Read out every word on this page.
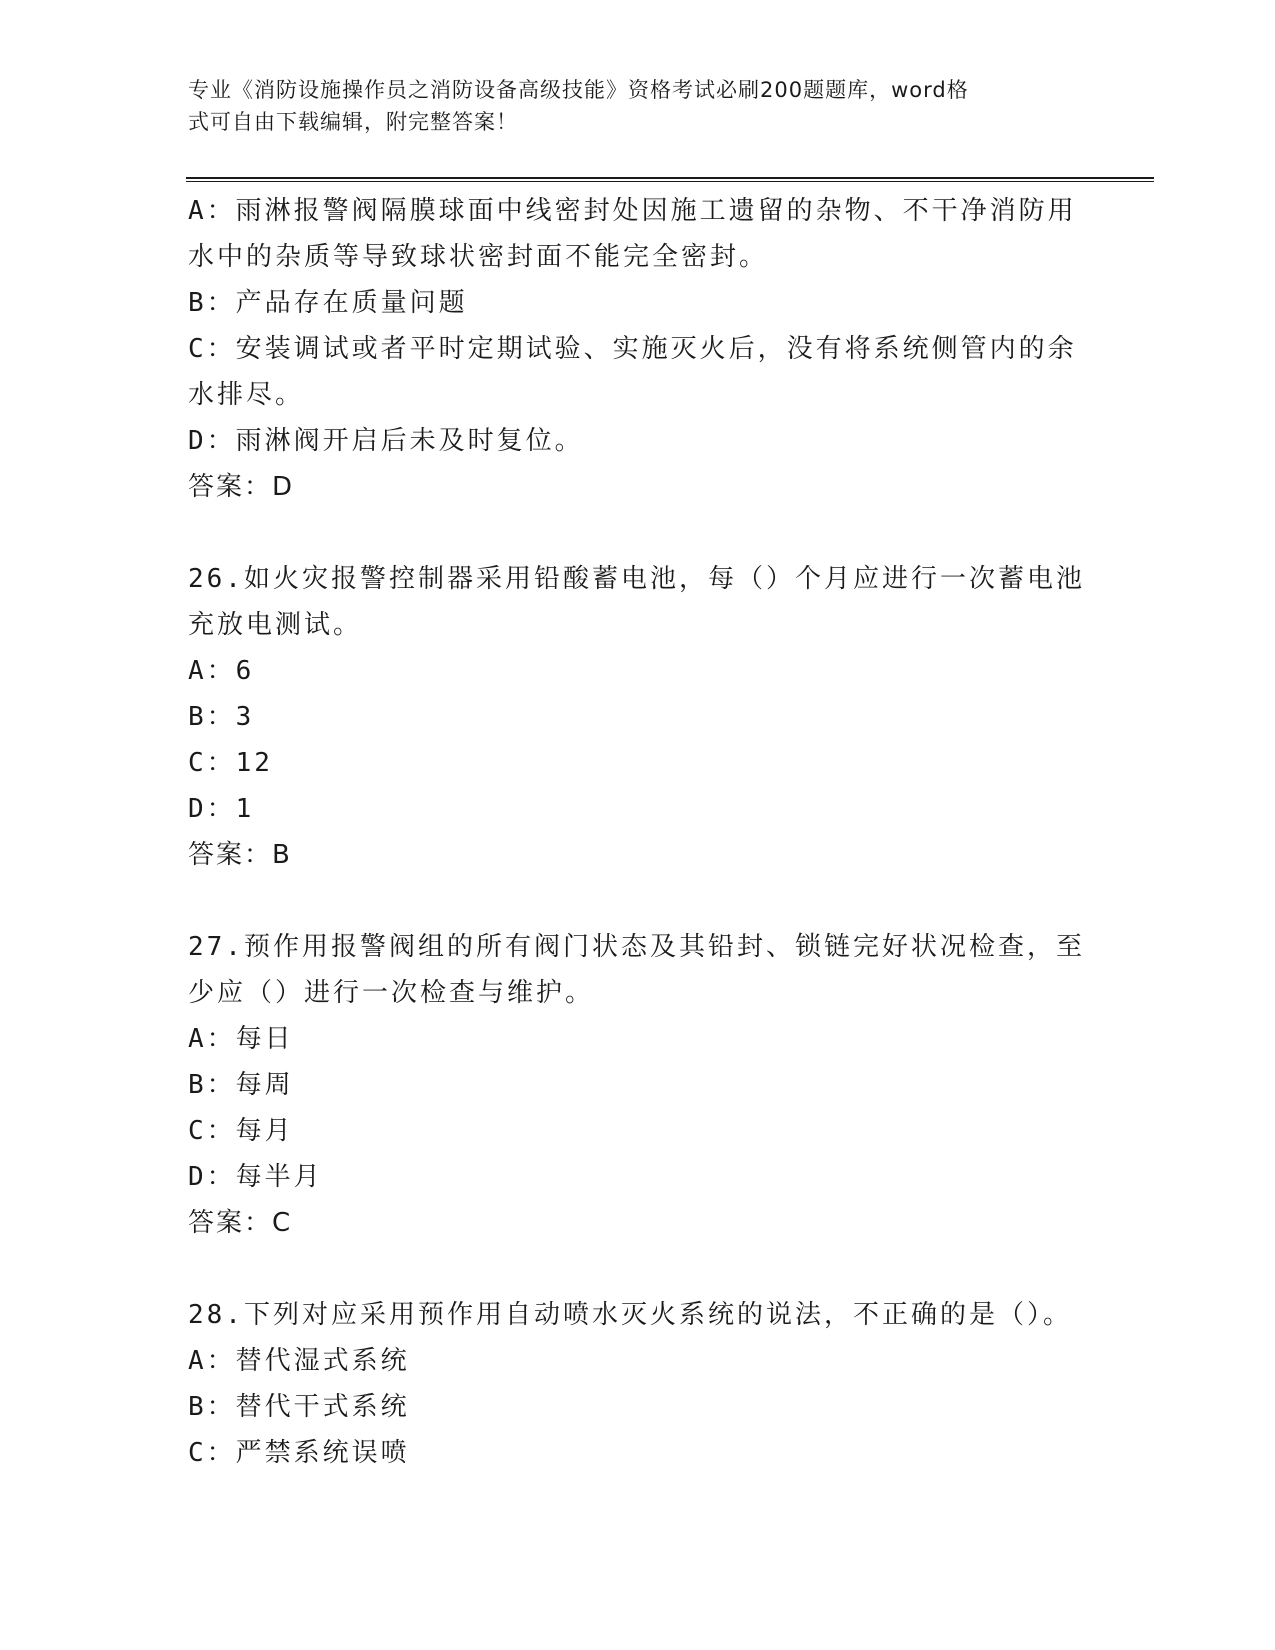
专业《消防设施操作员之消防设备高级技能》资格考试必刷200题题库，word格
式可自由下载编辑，附完整答案！
A：雨淋报警阀隔膜球面中线密封处因施工遗留的杂物、不干净消防用
水中的杂质等导致球状密封面不能完全密封。
B：产品存在质量问题
C：安装调试或者平时定期试验、实施灭火后，没有将系统侧管内的余
水排尽。
D：雨淋阀开启后未及时复位。
答案：D
26.如火灾报警控制器采用铅酸蓄电池，每（）个月应进行一次蓄电池
充放电测试。
A：6
B：3
C：12
D：1
答案：B
27.预作用报警阀组的所有阀门状态及其铅封、锁链完好状况检查，至
少应（）进行一次检查与维护。
A：每日
B：每周
C：每月
D：每半月
答案：C
28.下列对应采用预作用自动喷水灭火系统的说法，不正确的是（）。
A：替代湿式系统
B：替代干式系统
C：严禁系统误喷
